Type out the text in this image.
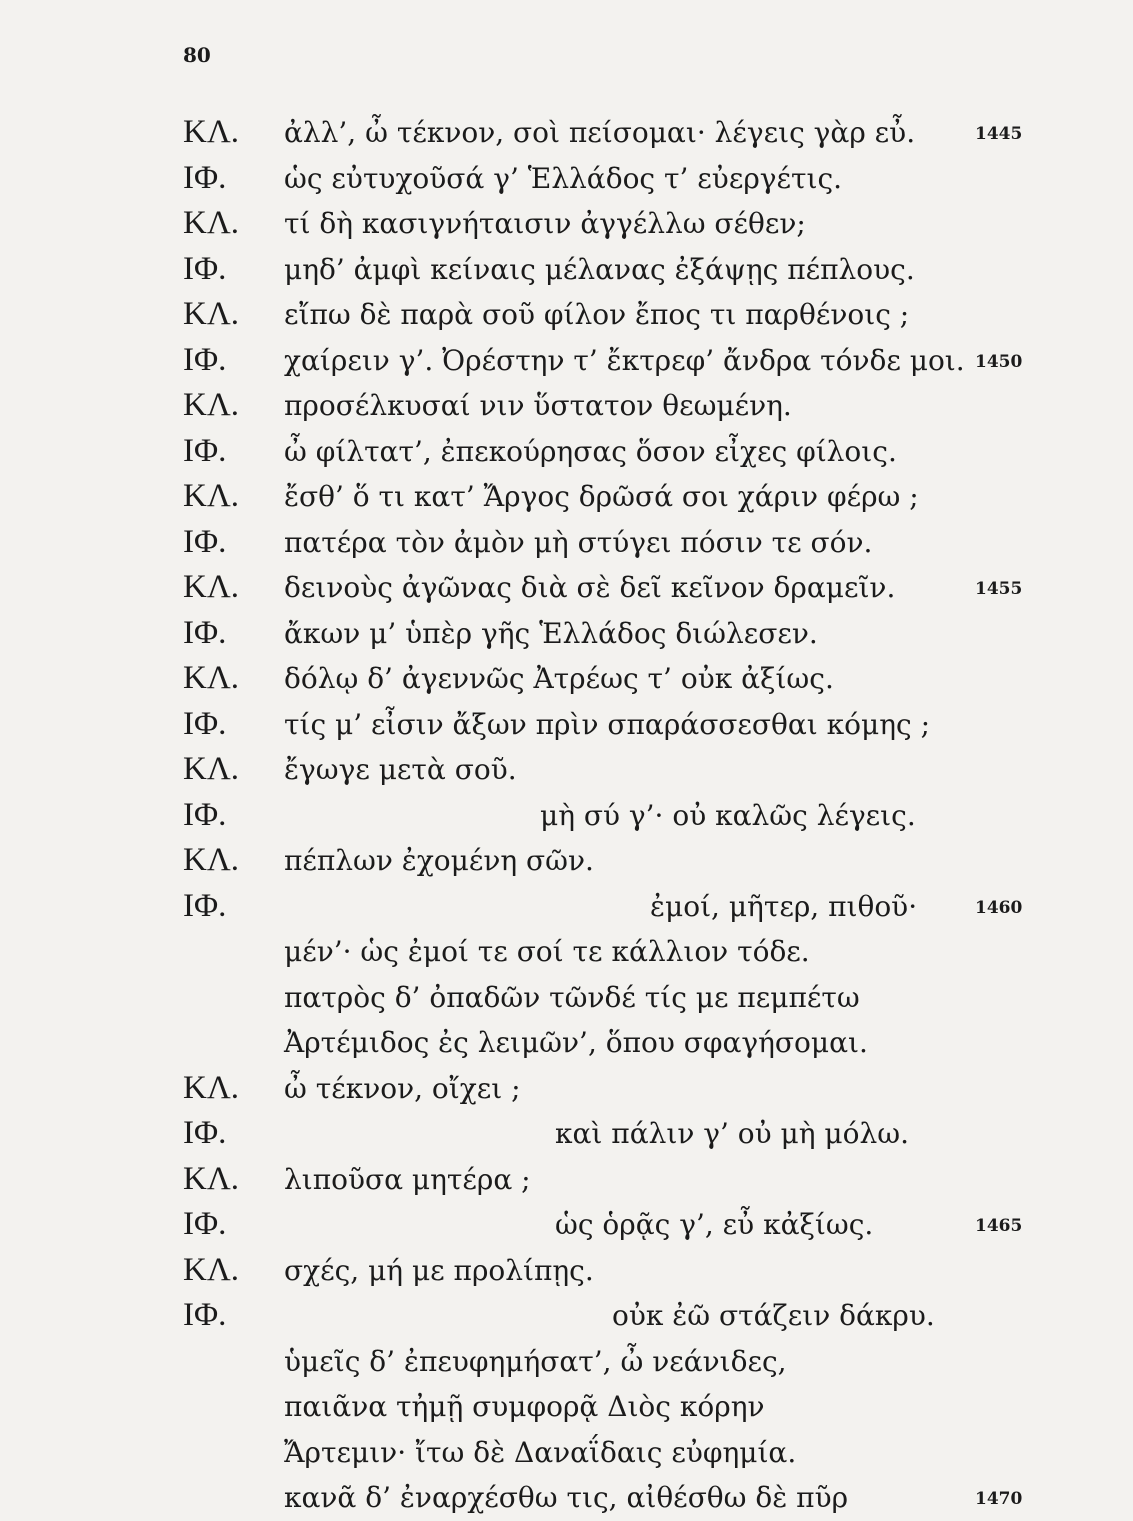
80
ΚΛ. ἀλλ’, ὦ τέκνον, σοὶ πείσομαι· λέγεις γὰρ εὖ.	1445
ΙΦ. ὡς εὐτυχοῦσά γ’ Ἑλλάδος τ’ εὐεργέτις.
ΚΛ. τί δὴ κασιγνήταισιν ἀγγέλλω σέθεν;
ΙΦ. μηδ’ ἀμφὶ κείναις μέλανας ἐξάψῃς πέπλους.
ΚΛ. εἴπω δὲ παρὰ σοῦ φίλον ἔπος τι παρθένοις ;
ΙΦ. χαίρειν γ’. Ὀρέστην τ’ ἔκτρεφ’ ἄνδρα τόνδε μοι. 1450
ΚΛ. προσέλκυσαί νιν ὕστατον θεωμένη.
ΙΦ. ὦ φίλτατ’, ἐπεκούρησας ὅσον εἶχες φίλοις.
ΚΛ. ἔσθ’ ὅ τι κατ’ Ἄργος δρῶσά σοι χάριν φέρω ;
ΙΦ. πατέρα τὸν ἀμὸν μὴ στύγει πόσιν τε σόν.
ΚΛ. δεινοὺς ἀγῶνας διὰ σὲ δεῖ κεῖνον δραμεῖν.	1455
ΙΦ. ἄκων μ’ ὑπὲρ γῆς Ἑλλάδος διώλεσεν.
ΚΛ. δόλῳ δ’ ἀγεννῶς Ἀτρέως τ’ οὐκ ἀξίως.
ΙΦ. τίς μ’ εἶσιν ἄξων πρὶν σπαράσσεσθαι κόμης ;
ΚΛ. ἔγωγε μετὰ σοῦ.
ΙΦ.	μὴ σύ γ’· οὐ καλῶς λέγεις.
ΚΛ. πέπλων ἐχομένη σῶν.
ΙΦ.	ἐμοί, μῆτερ, πιθοῦ·	1460
μέν’· ὡς ἐμοί τε σοί τε κάλλιον τόδε.
πατρὸς δ’ ὀπαδῶν τῶνδέ τίς με πεμπέτω
Ἀρτέμιδος ἐς λειμῶν’, ὅπου σφαγήσομαι.
ΚΛ. ὦ τέκνον, οἴχει ;
ΙΦ.	καὶ πάλιν γ’ οὐ μὴ μόλω.
ΚΛ. λιποῦσα μητέρα ;
ΙΦ.	ὡς ὁρᾷς γ’, εὖ κἀξίως.	1465
ΚΛ. σχές, μή με προλίπῃς.
ΙΦ.	οὐκ ἐῶ στάζειν δάκρυ.
ὑμεῖς δ’ ἐπευφημήσατ’, ὦ νεάνιδες,
παιᾶνα τἠμῇ συμφορᾷ Διὸς κόρην
Ἄρτεμιν· ἴτω δὲ Δαναΐδαις εὐφημία.
κανᾶ δ’ ἐναρχέσθω τις, αἰθέσθω δὲ πῦρ	1470
